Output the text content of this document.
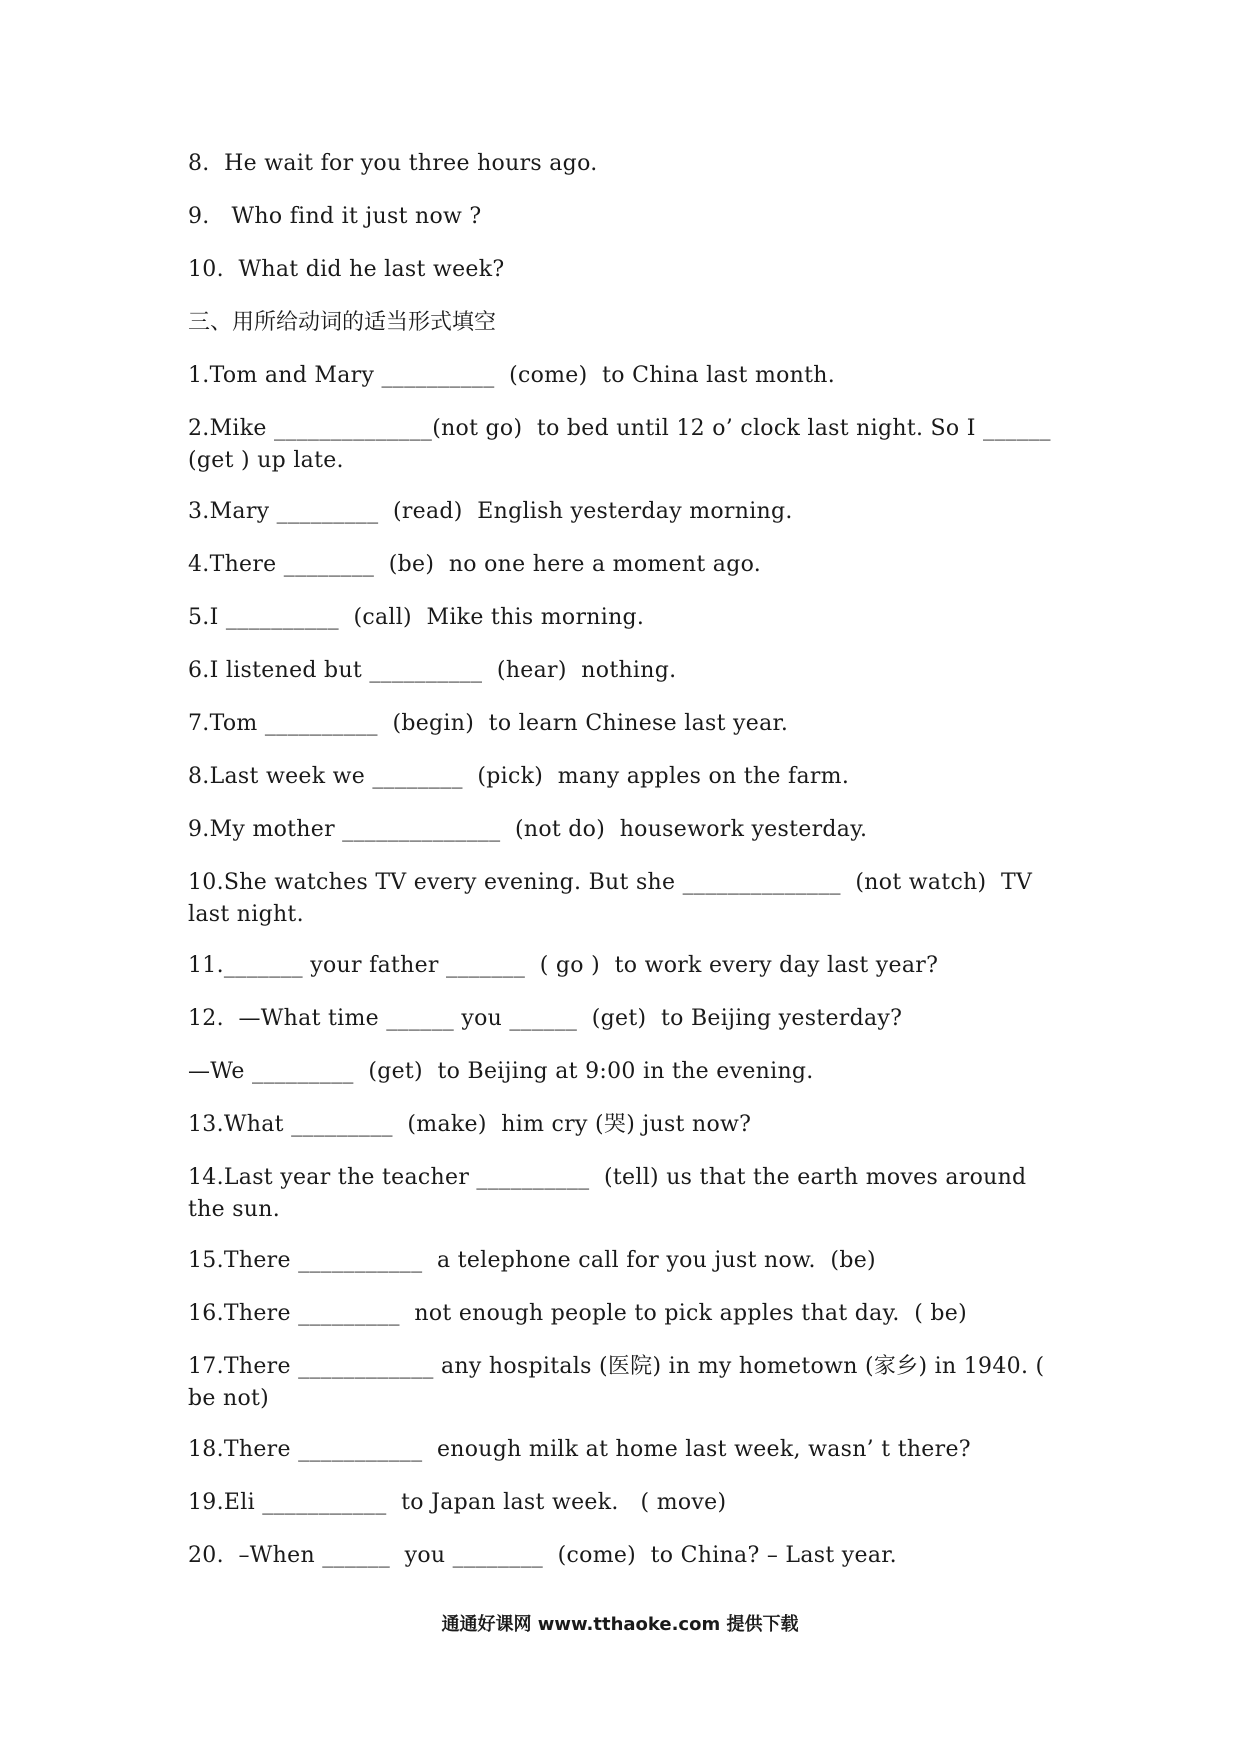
8.  He wait for you three hours ago.
9.   Who find it just now ?
10.  What did he last week?
三、用所给动词的适当形式填空
1.Tom and Mary __________  (come)  to China last month.
2.Mike ______________(not go)  to bed until 12 o’ clock last night. So I ______  (get ) up late.
3.Mary _________  (read)  English yesterday morning.
4.There ________  (be)  no one here a moment ago.
5.I __________  (call)  Mike this morning.
6.I listened but __________  (hear)  nothing.
7.Tom __________  (begin)  to learn Chinese last year.
8.Last week we ________  (pick)  many apples on the farm.
9.My mother ______________  (not do)  housework yesterday.
10.She watches TV every evening. But she ______________  (not watch)  TV last night.
11._______ your father _______  ( go )  to work every day last year?
12.  —What time ______ you ______  (get)  to Beijing yesterday?
—We _________  (get)  to Beijing at 9:00 in the evening.
13.What _________  (make)  him cry (哭) just now?
14.Last year the teacher __________  (tell) us that the earth moves around the sun.
15.There ___________  a telephone call for you just now.  (be)
16.There _________  not enough people to pick apples that day.  ( be)
17.There ____________ any hospitals (医院) in my hometown (家乡) in 1940. ( be not)
18.There ___________  enough milk at home last week, wasn’ t there?
19.Eli ___________  to Japan last week.   ( move)
20.  –When ______  you ________  (come)  to China? – Last year.
通通好课网 www.tthaoke.com 提供下载
